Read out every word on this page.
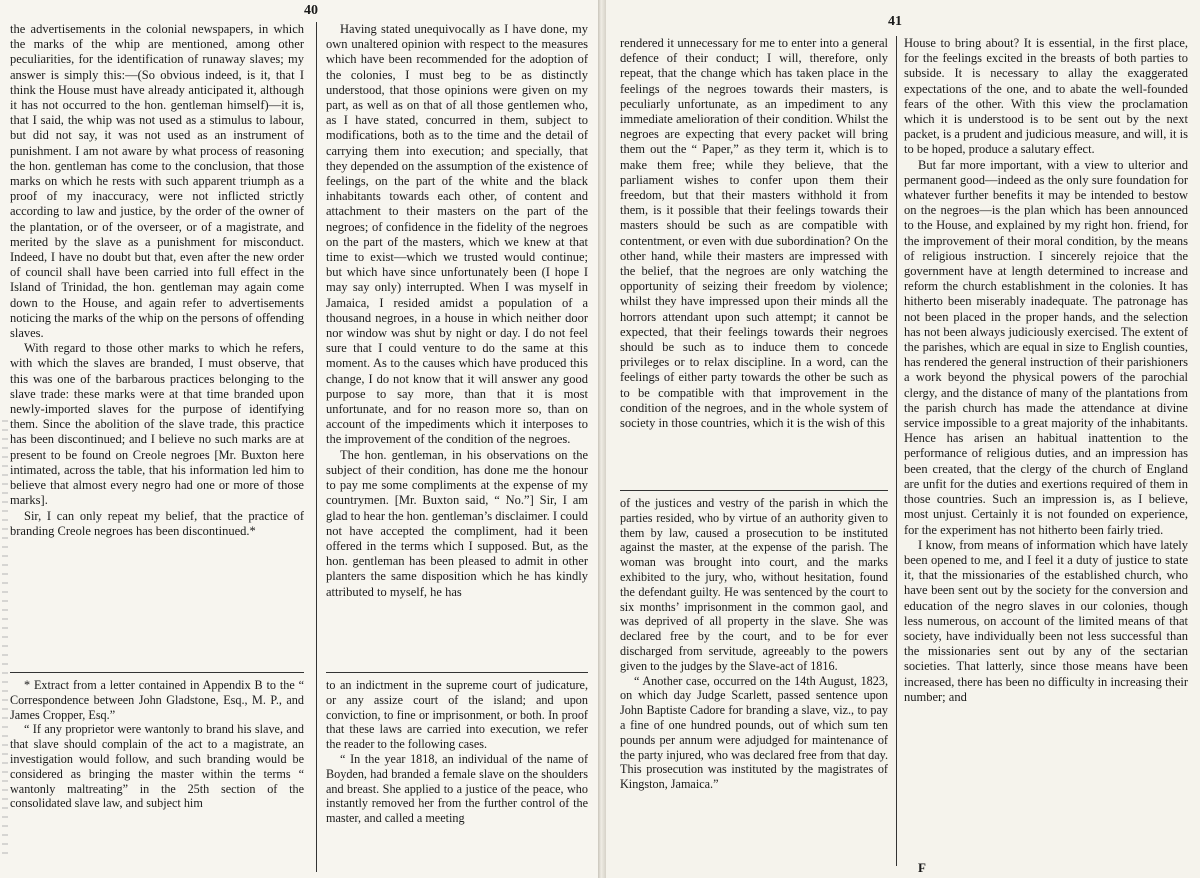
40

the advertisements in the colonial newspapers, in which the marks of the whip are mentioned, among other peculiarities, for the identification of runaway slaves; my answer is simply this:—(So obvious indeed, is it, that I think the House must have already anticipated it, although it has not occurred to the hon. gentleman himself)—it is, that I said, the whip was not used as a stimulus to labour, but did not say, it was not used as an instrument of punishment. I am not aware by what process of reasoning the hon. gentleman has come to the conclusion, that those marks on which he rests with such apparent triumph as a proof of my inaccuracy, were not inflicted strictly according to law and justice, by the order of the owner of the plantation, or of the overseer, or of a magistrate, and merited by the slave as a punishment for misconduct. Indeed, I have no doubt but that, even after the new order of council shall have been carried into full effect in the Island of Trinidad, the hon. gentleman may again come down to the House, and again refer to advertisements noticing the marks of the whip on the persons of offending slaves.

With regard to those other marks to which he refers, with which the slaves are branded, I must observe, that this was one of the barbarous practices belonging to the slave trade: these marks were at that time branded upon newly-imported slaves for the purpose of identifying them. Since the abolition of the slave trade, this practice has been discontinued; and I believe no such marks are at present to be found on Creole negroes [Mr. Buxton here intimated, across the table, that his information led him to believe that almost every negro had one or more of those marks].

Sir, I can only repeat my belief, that the practice of branding Creole negroes has been discontinued.*

* Extract from a letter contained in Appendix B to the “ Correspondence between John Gladstone, Esq., M. P., and James Cropper, Esq.”

“ If any proprietor were wantonly to brand his slave, and that slave should complain of the act to a magistrate, an investigation would follow, and such branding would be considered as bringing the master within the terms “ wantonly maltreating” in the 25th section of the consolidated slave law, and subject him

Having stated unequivocally as I have done, my own unaltered opinion with respect to the measures which have been recommended for the adoption of the colonies, I must beg to be as distinctly understood, that those opinions were given on my part, as well as on that of all those gentlemen who, as I have stated, concurred in them, subject to modifications, both as to the time and the detail of carrying them into execution; and specially, that they depended on the assumption of the existence of feelings, on the part of the white and the black inhabitants towards each other, of content and attachment to their masters on the part of the negroes; of confidence in the fidelity of the negroes on the part of the masters, which we knew at that time to exist—which we trusted would continue; but which have since unfortunately been (I hope I may say only) interrupted. When I was myself in Jamaica, I resided amidst a population of a thousand negroes, in a house in which neither door nor window was shut by night or day. I do not feel sure that I could venture to do the same at this moment. As to the causes which have produced this change, I do not know that it will answer any good purpose to say more, than that it is most unfortunate, and for no reason more so, than on account of the impediments which it interposes to the improvement of the condition of the negroes.

The hon. gentleman, in his observations on the subject of their condition, has done me the honour to pay me some compliments at the expense of my countrymen. [Mr. Buxton said, “ No.”] Sir, I am glad to hear the hon. gentleman’s disclaimer. I could not have accepted the compliment, had it been offered in the terms which I supposed. But, as the hon. gentleman has been pleased to admit in other planters the same disposition which he has kindly attributed to myself, he has

to an indictment in the supreme court of judicature, or any assize court of the island; and upon conviction, to fine or imprisonment, or both. In proof that these laws are carried into execution, we refer the reader to the following cases.

“ In the year 1818, an individual of the name of Boyden, had branded a female slave on the shoulders and breast. She applied to a justice of the peace, who instantly removed her from the further control of the master, and called a meeting

41

rendered it unnecessary for me to enter into a general defence of their conduct; I will, therefore, only repeat, that the change which has taken place in the feelings of the negroes towards their masters, is peculiarly unfortunate, as an impediment to any immediate amelioration of their condition. Whilst the negroes are expecting that every packet will bring them out the “ Paper,” as they term it, which is to make them free; while they believe, that the parliament wishes to confer upon them their freedom, but that their masters withhold it from them, is it possible that their feelings towards their masters should be such as are compatible with contentment, or even with due subordination? On the other hand, while their masters are impressed with the belief, that the negroes are only watching the opportunity of seizing their freedom by violence; whilst they have impressed upon their minds all the horrors attendant upon such attempt; it cannot be expected, that their feelings towards their negroes should be such as to induce them to concede privileges or to relax discipline. In a word, can the feelings of either party towards the other be such as to be compatible with that improvement in the condition of the negroes, and in the whole system of society in those countries, which it is the wish of this

of the justices and vestry of the parish in which the parties resided, who by virtue of an authority given to them by law, caused a prosecution to be instituted against the master, at the expense of the parish. The woman was brought into court, and the marks exhibited to the jury, who, without hesitation, found the defendant guilty. He was sentenced by the court to six months’ imprisonment in the common gaol, and was deprived of all property in the slave. She was declared free by the court, and to be for ever discharged from servitude, agreeably to the powers given to the judges by the Slave-act of 1816.

“ Another case, occurred on the 14th August, 1823, on which day Judge Scarlett, passed sentence upon John Baptiste Cadore for branding a slave, viz., to pay a fine of one hundred pounds, out of which sum ten pounds per annum were adjudged for maintenance of the party injured, who was declared free from that day. This prosecution was instituted by the magistrates of Kingston, Jamaica.”

House to bring about? It is essential, in the first place, for the feelings excited in the breasts of both parties to subside. It is necessary to allay the exaggerated expectations of the one, and to abate the well-founded fears of the other. With this view the proclamation which it is understood is to be sent out by the next packet, is a prudent and judicious measure, and will, it is to be hoped, produce a salutary effect.

But far more important, with a view to ulterior and permanent good—indeed as the only sure foundation for whatever further benefits it may be intended to bestow on the negroes—is the plan which has been announced to the House, and explained by my right hon. friend, for the improvement of their moral condition, by the means of religious instruction. I sincerely rejoice that the government have at length determined to increase and reform the church establishment in the colonies. It has hitherto been miserably inadequate. The patronage has not been placed in the proper hands, and the selection has not been always judiciously exercised. The extent of the parishes, which are equal in size to English counties, has rendered the general instruction of their parishioners a work beyond the physical powers of the parochial clergy, and the distance of many of the plantations from the parish church has made the attendance at divine service impossible to a great majority of the inhabitants. Hence has arisen an habitual inattention to the performance of religious duties, and an impression has been created, that the clergy of the church of England are unfit for the duties and exertions required of them in those countries. Such an impression is, as I believe, most unjust. Certainly it is not founded on experience, for the experiment has not hitherto been fairly tried.

I know, from means of information which have lately been opened to me, and I feel it a duty of justice to state it, that the missionaries of the established church, who have been sent out by the society for the conversion and education of the negro slaves in our colonies, though less numerous, on account of the limited means of that society, have individually been not less successful than the missionaries sent out by any of the sectarian societies. That latterly, since those means have been increased, there has been no difficulty in increasing their number; and

F
